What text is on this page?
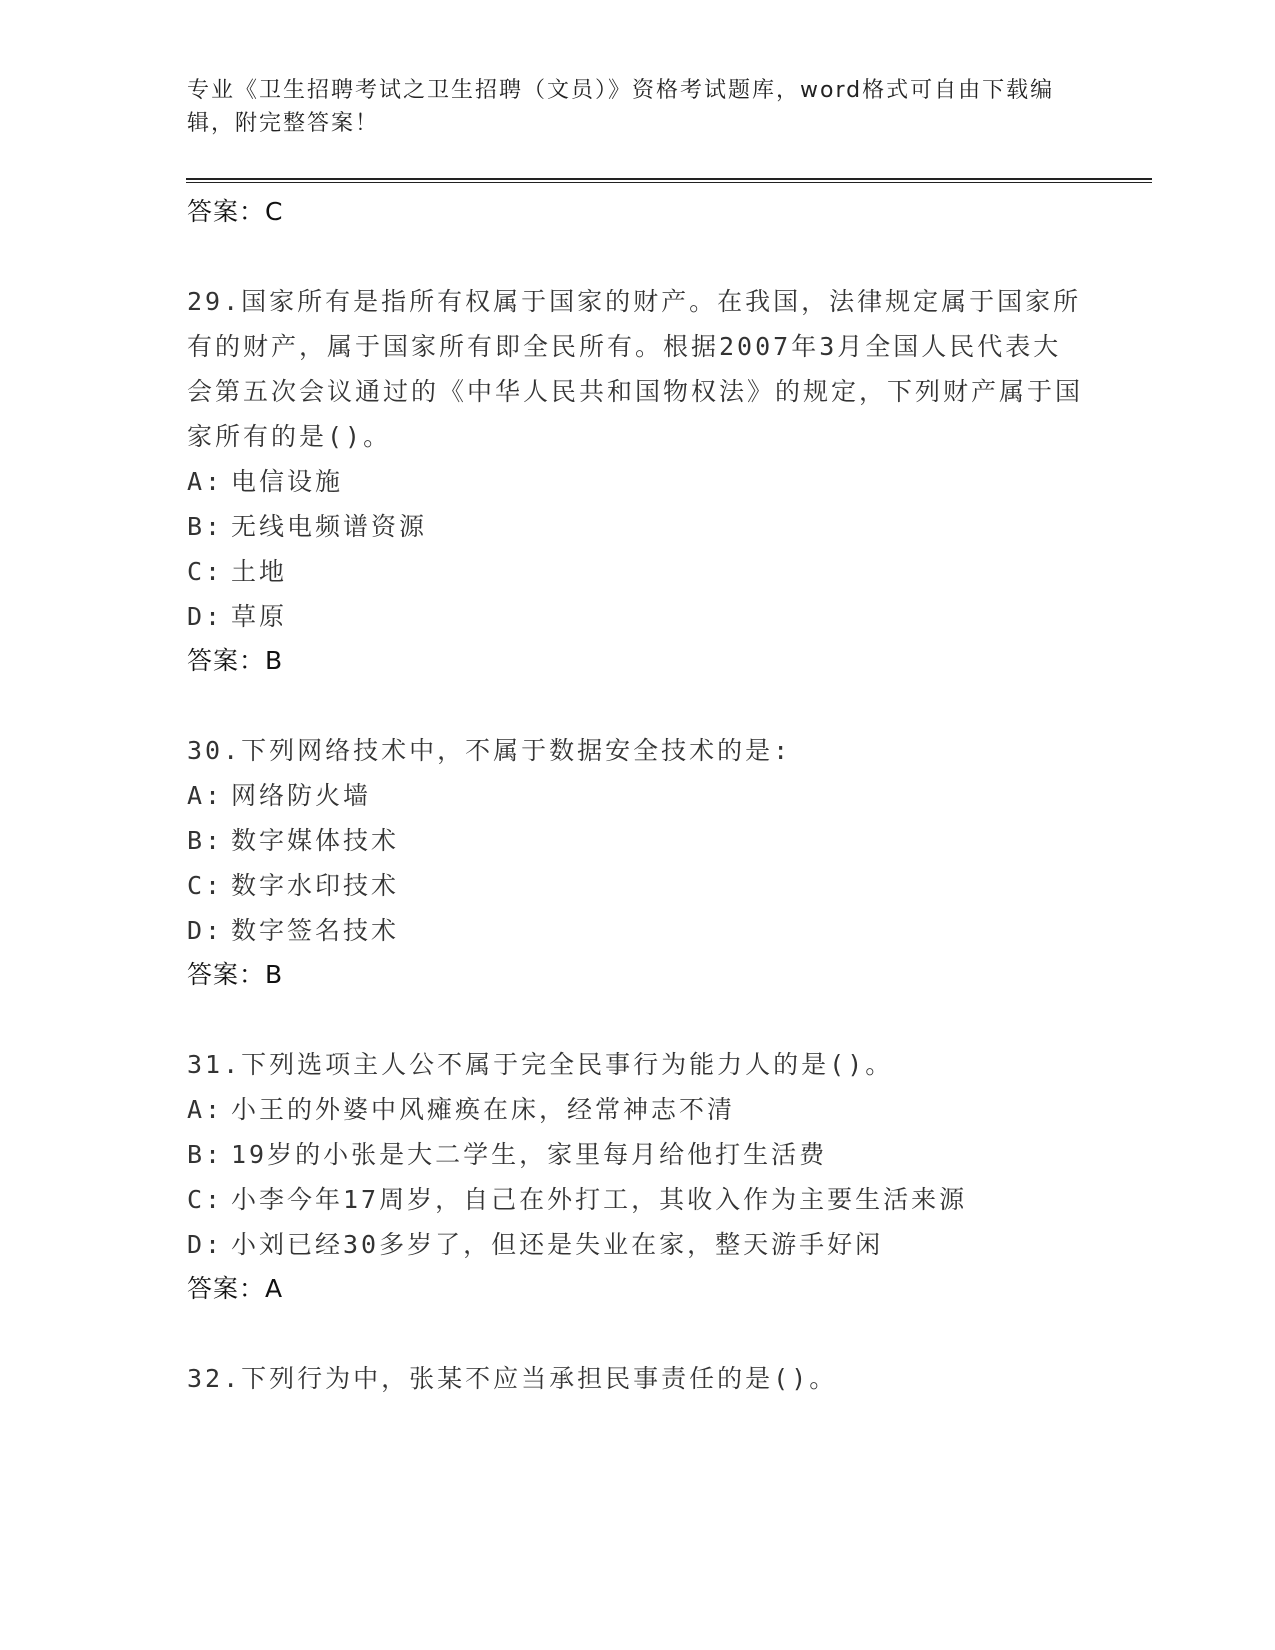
专业《卫生招聘考试之卫生招聘（文员）》资格考试题库，word格式可自由下载编辑，附完整答案！
答案：C
29.国家所有是指所有权属于国家的财产。在我国，法律规定属于国家所有的财产，属于国家所有即全民所有。根据2007年3月全国人民代表大会第五次会议通过的《中华人民共和国物权法》的规定，下列财产属于国家所有的是()。
A: 电信设施
B: 无线电频谱资源
C: 土地
D: 草原
答案：B
30.下列网络技术中，不属于数据安全技术的是:
A: 网络防火墙
B: 数字媒体技术
C: 数字水印技术
D: 数字签名技术
答案：B
31.下列选项主人公不属于完全民事行为能力人的是()。
A: 小王的外婆中风瘫痪在床，经常神志不清
B: 19岁的小张是大二学生，家里每月给他打生活费
C: 小李今年17周岁，自己在外打工，其收入作为主要生活来源
D: 小刘已经30多岁了，但还是失业在家，整天游手好闲
答案：A
32.下列行为中，张某不应当承担民事责任的是()。
